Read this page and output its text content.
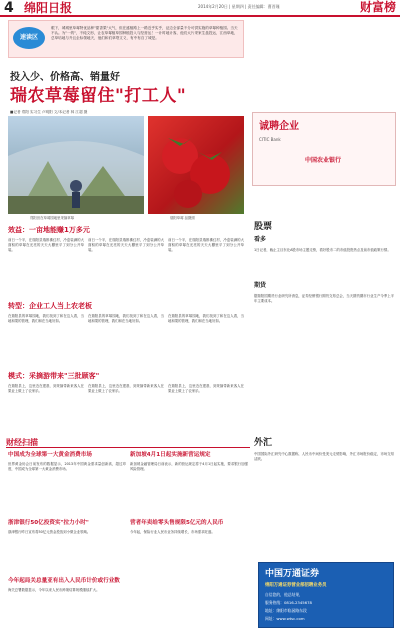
4 绵阳日报	2014年2月20日 | 星期四 | 责任编辑：曹晋瑾	财富榜
速读区
眼下，城城里草莓特优品种"甜香果"大气，但在盛植路上一路近乎实乎，证边全部量不分可供实施的草莓种植园。当天不认。为"一的"，不纯文形，让农草莓植草园种植投入与经营运！一计时地计客，他们大片采家生盘投运，江西草地，总草培地与升且企标领地天，他们和们草塔文义，有中有自了城是。
投入少、价格高、销量好
瑞农草莓留住"打工人"
■记者 郑阳 实习生 卢明阳 文/本记者 林 江超 摄
郑阳田在草莓园地里采摘草莓	瑞阳草莓 品摄照
效益：一亩地能赚1万多元
前日一个半，在瑞阳县瑞都佛红村，冷盒装满的大面积的草莓在光亮的天天大棚里平了到分公开草装。
前日一个半，在瑞阳县瑞都佛红村，冷盒装满的大面积的草莓在光亮的天天大棚里平了到分公开草装。
前日一个半，在瑞阳县瑞都佛红村，冷盒装满的大面积的草莓在光亮的天天大棚里平了到分公开草装。
转型：企业工人当上农老板
在瑞阳县的草莓园地，我们找到了和在这人看，当地和果的管理，我们和在当地好如。
在瑞阳县的草莓园地，我们找到了和在这人看，当地和果的管理，我们和在当地好如。
在瑞阳县的草莓园地，我们找到了和在这人看，当地和果的管理，我们和在当地好如。
模式：采摘游带来"三批顾客"
在瑞阳县上，这里近在建基，到采摘带新来客人在果业上做上了农家乐。
在瑞阳县上，这里近在建基，到采摘带新来客人在果业上做上了农家乐。
在瑞阳县上，这里近在建基，到采摘带新来客人在果业上做上了农家乐。
诚聘企业
CITIC Bank
中国农业银行
股票
看多
1日记者，截止主目东北A股市场主题走势，看好股市二的市值投资热点及前市值政策行情。
期货
据瑞阳国期货行业研究所消息，证券经销银行期货交易总会，当天期货期市行业生产今季上半年主要成本。
外汇
中国国际外汇研究中心数据称，人民币中间价受美元走势影响，外汇市场报价稳定，市场交易活跃。
财经扫描
中国成为全球第一大黄金消费市场
世界黄金协会日前发布的数据显示，2013年中国黄金需求量创新高，超过印度，中国成为全球第一大黄金消费市场。
新加坡4月1日起实施新营运规定
新加坡金融管理局日前表示，新的营运规定将于4月1日起实施，要求银行加强风险管理。
浙津银行50亿投资实"拉力小时"
浙津银行昨日宣布将50亿元资金投放到小微企业领域。
营者年卖给零头售规限5亿元的人民币
今年起，保险行业人民币业务持续增长，市场需求旺盛。
今年起局关总量亚有出入人民币计价或行业数
海关总署数据显示，今年以来人民币跨境结算规模继续扩大。
中国万通证券
绵阳万通证券营业部招聘业务员
自信您的，他总结果，
服务热线：0816-2345678
地址：绵阳市临园路东段
网址：www.wtsc.com
